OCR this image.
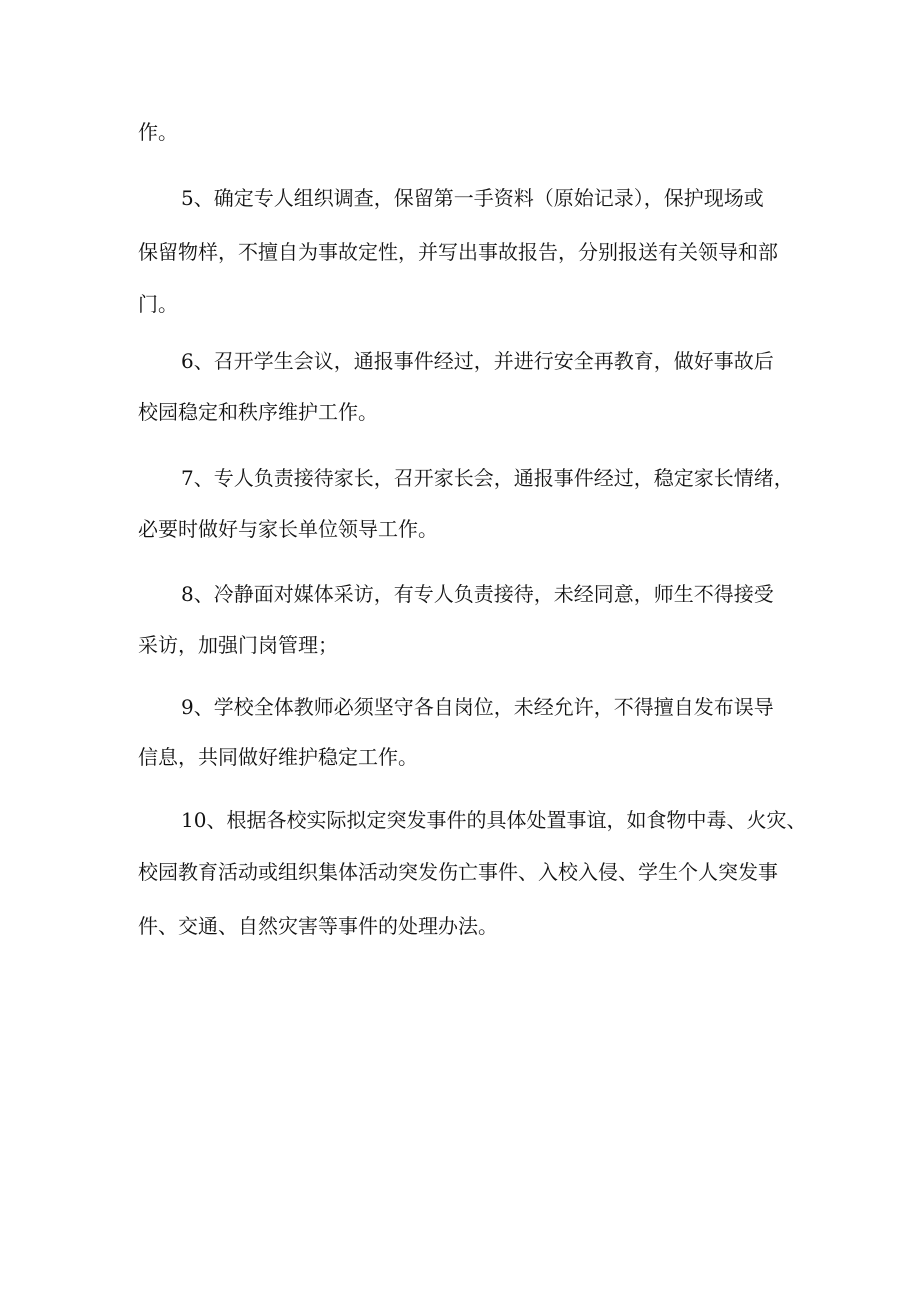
作。
5、确定专人组织调查，保留第一手资料（原始记录），保护现场或
保留物样，不擅自为事故定性，并写出事故报告，分别报送有关领导和部
门。
6、召开学生会议，通报事件经过，并进行安全再教育，做好事故后
校园稳定和秩序维护工作。
7、专人负责接待家长，召开家长会，通报事件经过，稳定家长情绪，
必要时做好与家长单位领导工作。
8、冷静面对媒体采访，有专人负责接待，未经同意，师生不得接受
采访，加强门岗管理；
9、学校全体教师必须坚守各自岗位，未经允许，不得擅自发布误导
信息，共同做好维护稳定工作。
10、根据各校实际拟定突发事件的具体处置事谊，如食物中毒、火灾、
校园教育活动或组织集体活动突发伤亡事件、入校入侵、学生个人突发事
件、交通、自然灾害等事件的处理办法。
